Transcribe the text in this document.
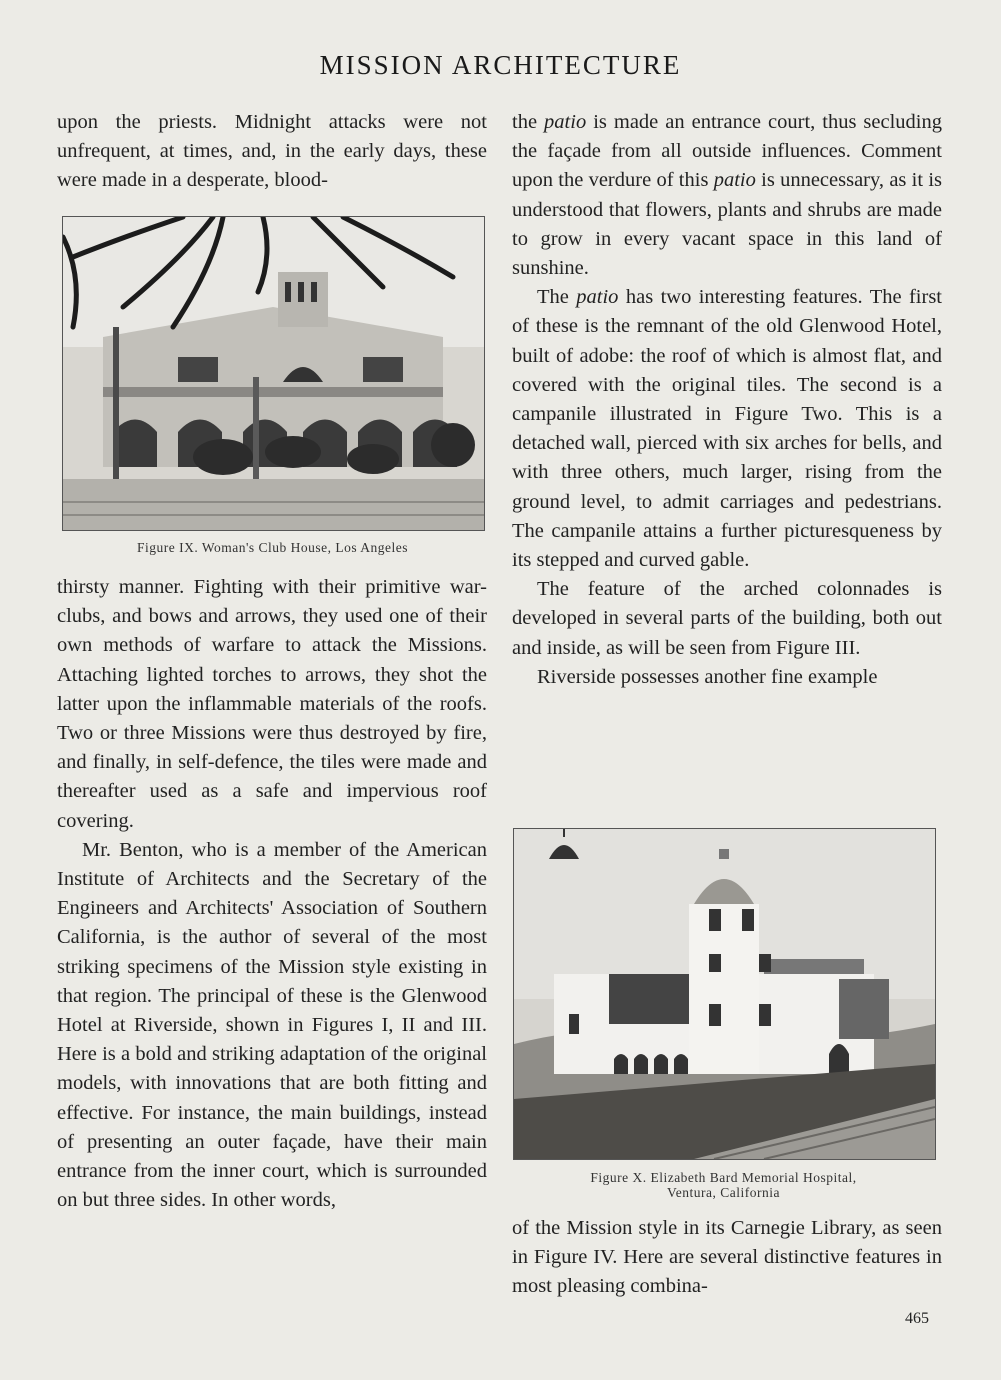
MISSION ARCHITECTURE

upon the priests. Midnight attacks were not unfrequent, at times, and, in the early days, these were made in a desperate, blood-

Figure IX. Woman's Club House, Los Angeles

thirsty manner. Fighting with their primitive war-clubs, and bows and arrows, they used one of their own methods of warfare to attack the Missions. Attaching lighted torches to arrows, they shot the latter upon the inflammable materials of the roofs. Two or three Missions were thus destroyed by fire, and finally, in self-defence, the tiles were made and thereafter used as a safe and impervious roof covering.

Mr. Benton, who is a member of the American Institute of Architects and the Secretary of the Engineers and Architects' Association of Southern California, is the author of several of the most striking specimens of the Mission style existing in that region. The principal of these is the Glenwood Hotel at Riverside, shown in Figures I, II and III. Here is a bold and striking adaptation of the original models, with innovations that are both fitting and effective. For instance, the main buildings, instead of presenting an outer façade, have their main entrance from the inner court, which is surrounded on but three sides. In other words,

the patio is made an entrance court, thus secluding the façade from all outside influences. Comment upon the verdure of this patio is unnecessary, as it is understood that flowers, plants and shrubs are made to grow in every vacant space in this land of sunshine.

The patio has two interesting features. The first of these is the remnant of the old Glenwood Hotel, built of adobe: the roof of which is almost flat, and covered with the original tiles. The second is a campanile illustrated in Figure Two. This is a detached wall, pierced with six arches for bells, and with three others, much larger, rising from the ground level, to admit carriages and pedestrians. The campanile attains a further picturesqueness by its stepped and curved gable.

The feature of the arched colonnades is developed in several parts of the building, both out and inside, as will be seen from Figure III.

Riverside possesses another fine example

Figure X. Elizabeth Bard Memorial Hospital,
Ventura, California

of the Mission style in its Carnegie Library, as seen in Figure IV. Here are several distinctive features in most pleasing combina-

465
